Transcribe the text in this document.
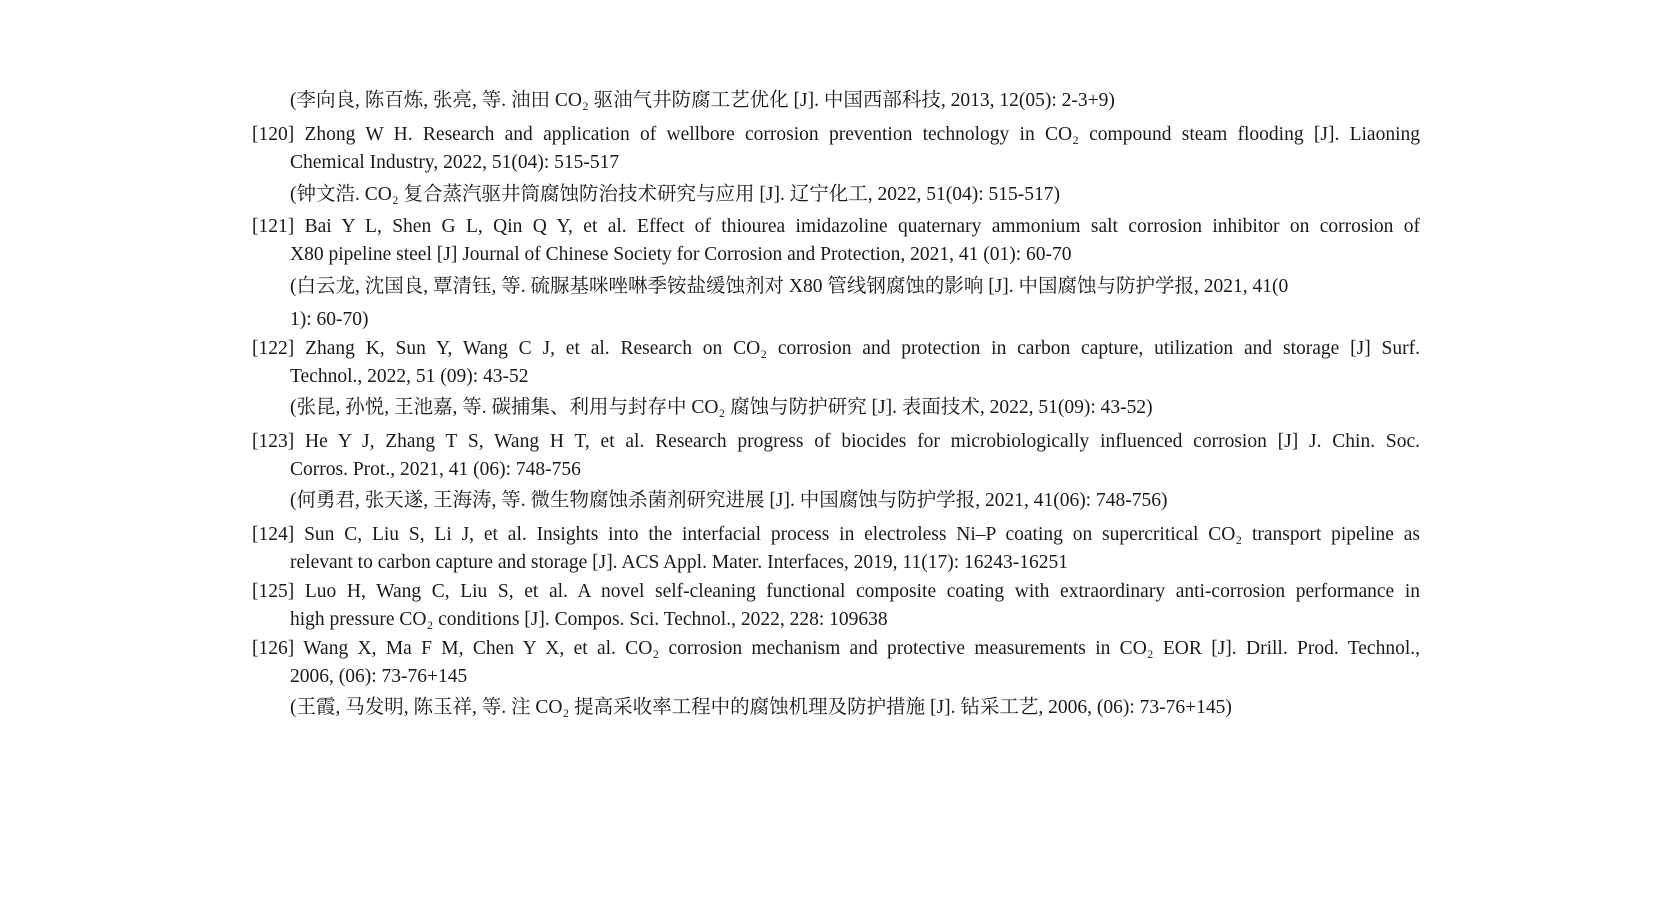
(李向良, 陈百炼, 张亮, 等. 油田 CO₂ 驱油气井防腐工艺优化 [J]. 中国西部科技, 2013, 12(05): 2-3+9)
[120] Zhong W H. Research and application of wellbore corrosion prevention technology in CO₂ compound steam flooding [J]. Liaoning
Chemical Industry, 2022, 51(04): 515-517
(钟文浩. CO₂ 复合蒸汽驱井筒腐蚀防治技术研究与应用 [J]. 辽宁化工, 2022, 51(04): 515-517)
[121] Bai Y L, Shen G L, Qin Q Y, et al. Effect of thiourea imidazoline quaternary ammonium salt corrosion inhibitor on corrosion of
X80 pipeline steel [J] Journal of Chinese Society for Corrosion and Protection, 2021, 41 (01): 60-70
(白云龙, 沈国良, 覃清钰, 等. 硫脲基咪唑啉季铵盐缓蚀剂对 X80 管线钢腐蚀的影响 [J]. 中国腐蚀与防护学报, 2021, 41(0
1): 60-70)
[122] Zhang K, Sun Y, Wang C J, et al. Research on CO₂ corrosion and protection in carbon capture, utilization and storage [J] Surf.
Technol., 2022, 51 (09): 43-52
(张昆, 孙悦, 王池嘉, 等. 碳捕集、利用与封存中 CO₂ 腐蚀与防护研究 [J]. 表面技术, 2022, 51(09): 43-52)
[123] He Y J, Zhang T S, Wang H T, et al. Research progress of biocides for microbiologically influenced corrosion [J] J. Chin. Soc.
Corros. Prot., 2021, 41 (06): 748-756
(何勇君, 张天遂, 王海涛, 等. 微生物腐蚀杀菌剂研究进展 [J]. 中国腐蚀与防护学报, 2021, 41(06): 748-756)
[124] Sun C, Liu S, Li J, et al. Insights into the interfacial process in electroless Ni–P coating on supercritical CO₂ transport pipeline as
relevant to carbon capture and storage [J]. ACS Appl. Mater. Interfaces, 2019, 11(17): 16243-16251
[125] Luo H, Wang C, Liu S, et al. A novel self-cleaning functional composite coating with extraordinary anti-corrosion performance in
high pressure CO₂ conditions [J]. Compos. Sci. Technol., 2022, 228: 109638
[126] Wang X, Ma F M, Chen Y X, et al. CO₂ corrosion mechanism and protective measurements in CO₂ EOR [J]. Drill. Prod. Technol.,
2006, (06): 73-76+145
(王霞, 马发明, 陈玉祥, 等. 注 CO₂ 提高采收率工程中的腐蚀机理及防护措施 [J]. 钻采工艺, 2006, (06): 73-76+145)
